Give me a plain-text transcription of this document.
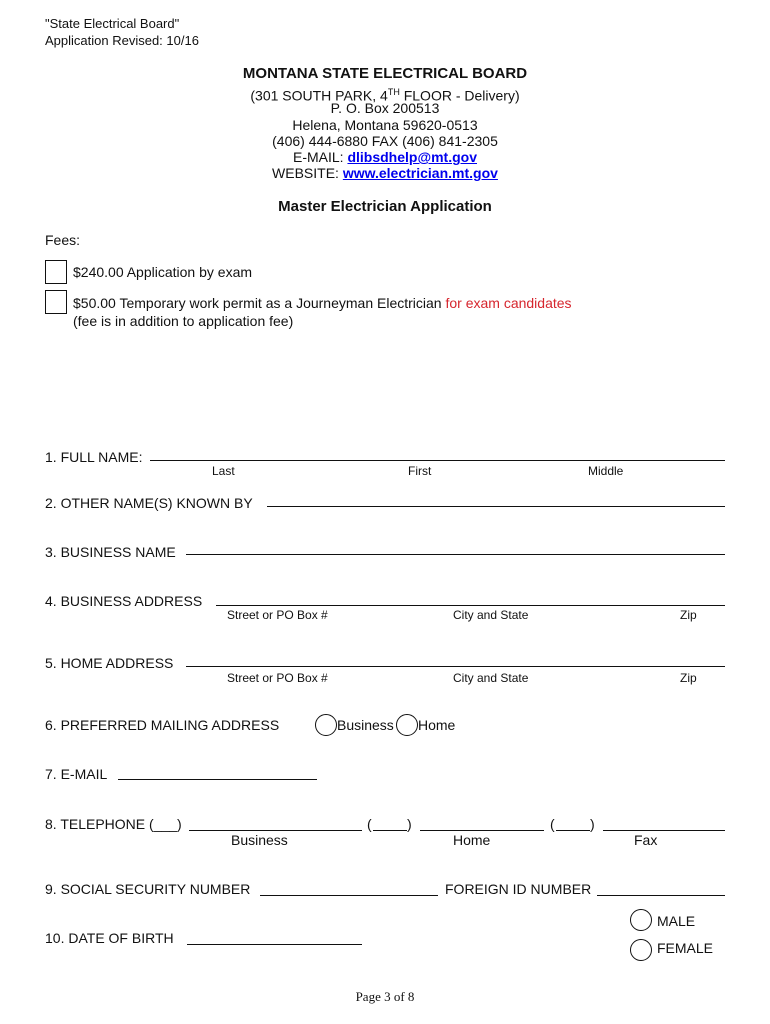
"State Electrical Board"
Application Revised: 10/16
MONTANA STATE ELECTRICAL BOARD
(301 SOUTH PARK, 4TH FLOOR - Delivery)
P. O. Box 200513
Helena, Montana 59620-0513
(406) 444-6880 FAX (406) 841-2305
E-MAIL: dlibsdhelp@mt.gov
WEBSITE: www.electrician.mt.gov
Master Electrician Application
Fees:
$240.00 Application by exam
$50.00 Temporary work permit as a Journeyman Electrician for exam candidates
(fee is in addition to application fee)
1. FULL NAME:
Last	First	Middle
2. OTHER NAME(S) KNOWN BY
3. BUSINESS NAME
4. BUSINESS ADDRESS
Street or PO Box #	City and State	Zip
5. HOME ADDRESS
Street or PO Box #	City and State	Zip
6. PREFERRED MAILING ADDRESS	Business Home
7. E-MAIL
8. TELEPHONE (___)	(	)	(	)
Business	Home	Fax
9. SOCIAL SECURITY NUMBER	FOREIGN ID NUMBER
MALE
10. DATE OF BIRTH
FEMALE
Page 3 of 8
